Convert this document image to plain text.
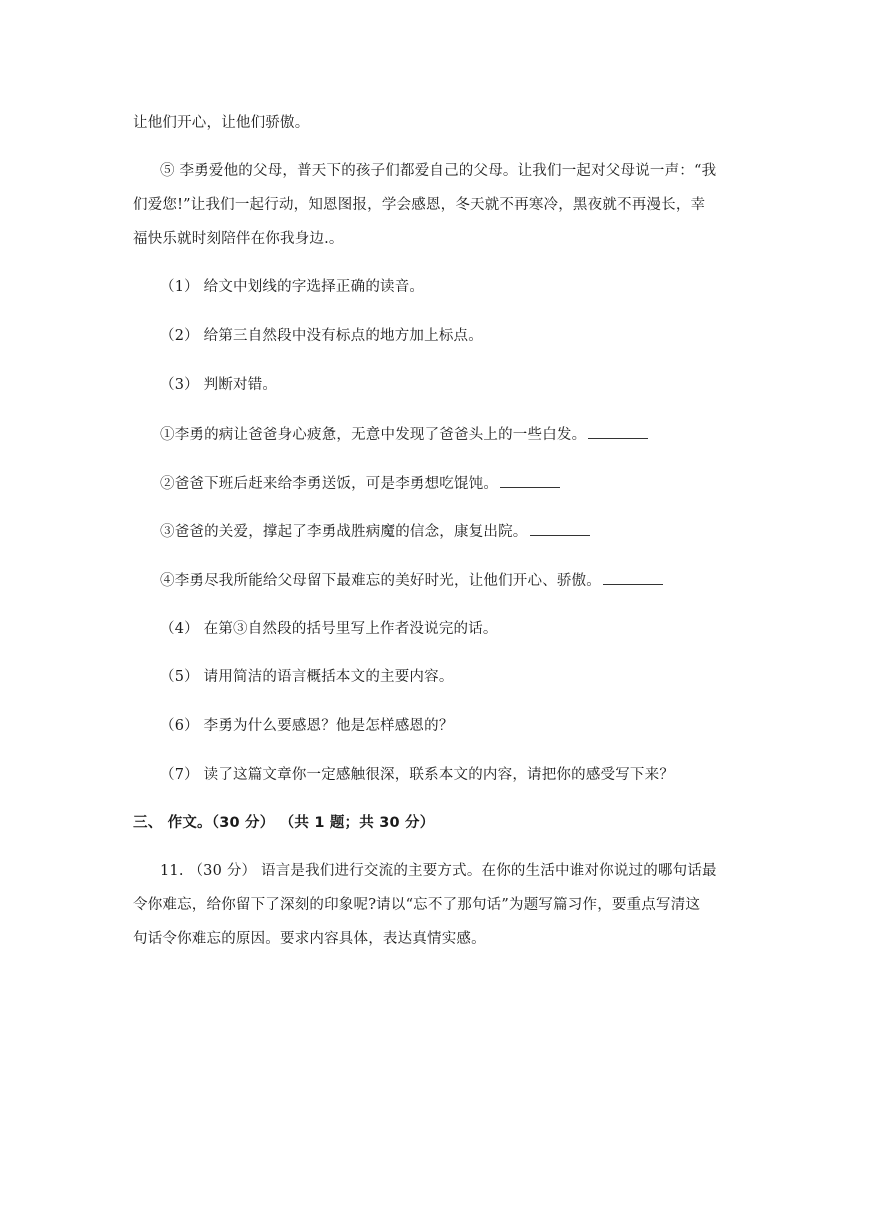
让他们开心，让他们骄傲。
⑤ 李勇爱他的父母，普天下的孩子们都爱自己的父母。让我们一起对父母说一声：“我
们爱您!”让我们一起行动，知恩图报，学会感恩，冬天就不再寒冷，黑夜就不再漫长，幸
福快乐就时刻陪伴在你我身边.。
（1） 给文中划线的字选择正确的读音。
（2） 给第三自然段中没有标点的地方加上标点。
（3） 判断对错。
①李勇的病让爸爸身心疲惫，无意中发现了爸爸头上的一些白发。
②爸爸下班后赶来给李勇送饭，可是李勇想吃馄饨。
③爸爸的关爱，撑起了李勇战胜病魔的信念，康复出院。
④李勇尽我所能给父母留下最难忘的美好时光，让他们开心、骄傲。
（4） 在第③自然段的括号里写上作者没说完的话。
（5） 请用简洁的语言概括本文的主要内容。
（6） 李勇为什么要感恩？他是怎样感恩的？
（7） 读了这篇文章你一定感触很深，联系本文的内容，请把你的感受写下来？
三、 作文。（30 分） （共 1 题；共 30 分）
11. （30 分） 语言是我们进行交流的主要方式。在你的生活中谁对你说过的哪句话最
令你难忘，给你留下了深刻的印象呢?请以“忘不了那句话”为题写篇习作，要重点写清这
句话令你难忘的原因。要求内容具体，表达真情实感。
